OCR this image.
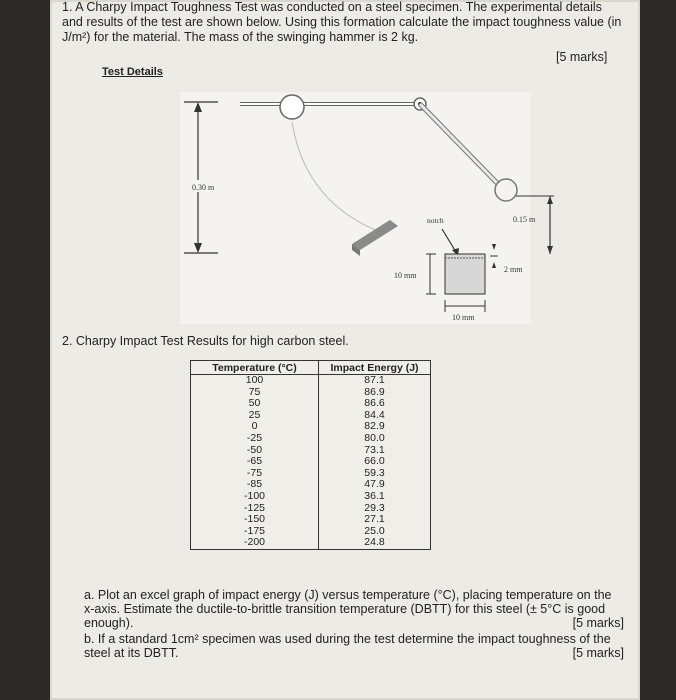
1. A Charpy Impact Toughness Test was conducted on a steel specimen. The experimental details and results of the test are shown below. Using this formation calculate the impact toughness value (in J/m²) for the material. The mass of the swinging hammer is 2 kg.
[5 marks]
Test Details
0.30 m
0.15 m
notch
2 mm
10 mm
10 mm
2. Charpy Impact Test Results for high carbon steel.
Temperature (°C)	Impact Energy (J)
100	87.1
75	86.9
50	86.6
25	84.4
0	82.9
-25	80.0
-50	73.1
-65	66.0
-75	59.3
-85	47.9
-100	36.1
-125	29.3
-150	27.1
-175	25.0
-200	24.8
a. Plot an excel graph of impact energy (J) versus temperature (°C), placing temperature on the x-axis. Estimate the ductile-to-brittle transition temperature (DBTT) for this steel (± 5°C is good enough).	[5 marks]
b. If a standard 1cm² specimen was used during the test determine the impact toughness of the steel at its DBTT.	[5 marks]
